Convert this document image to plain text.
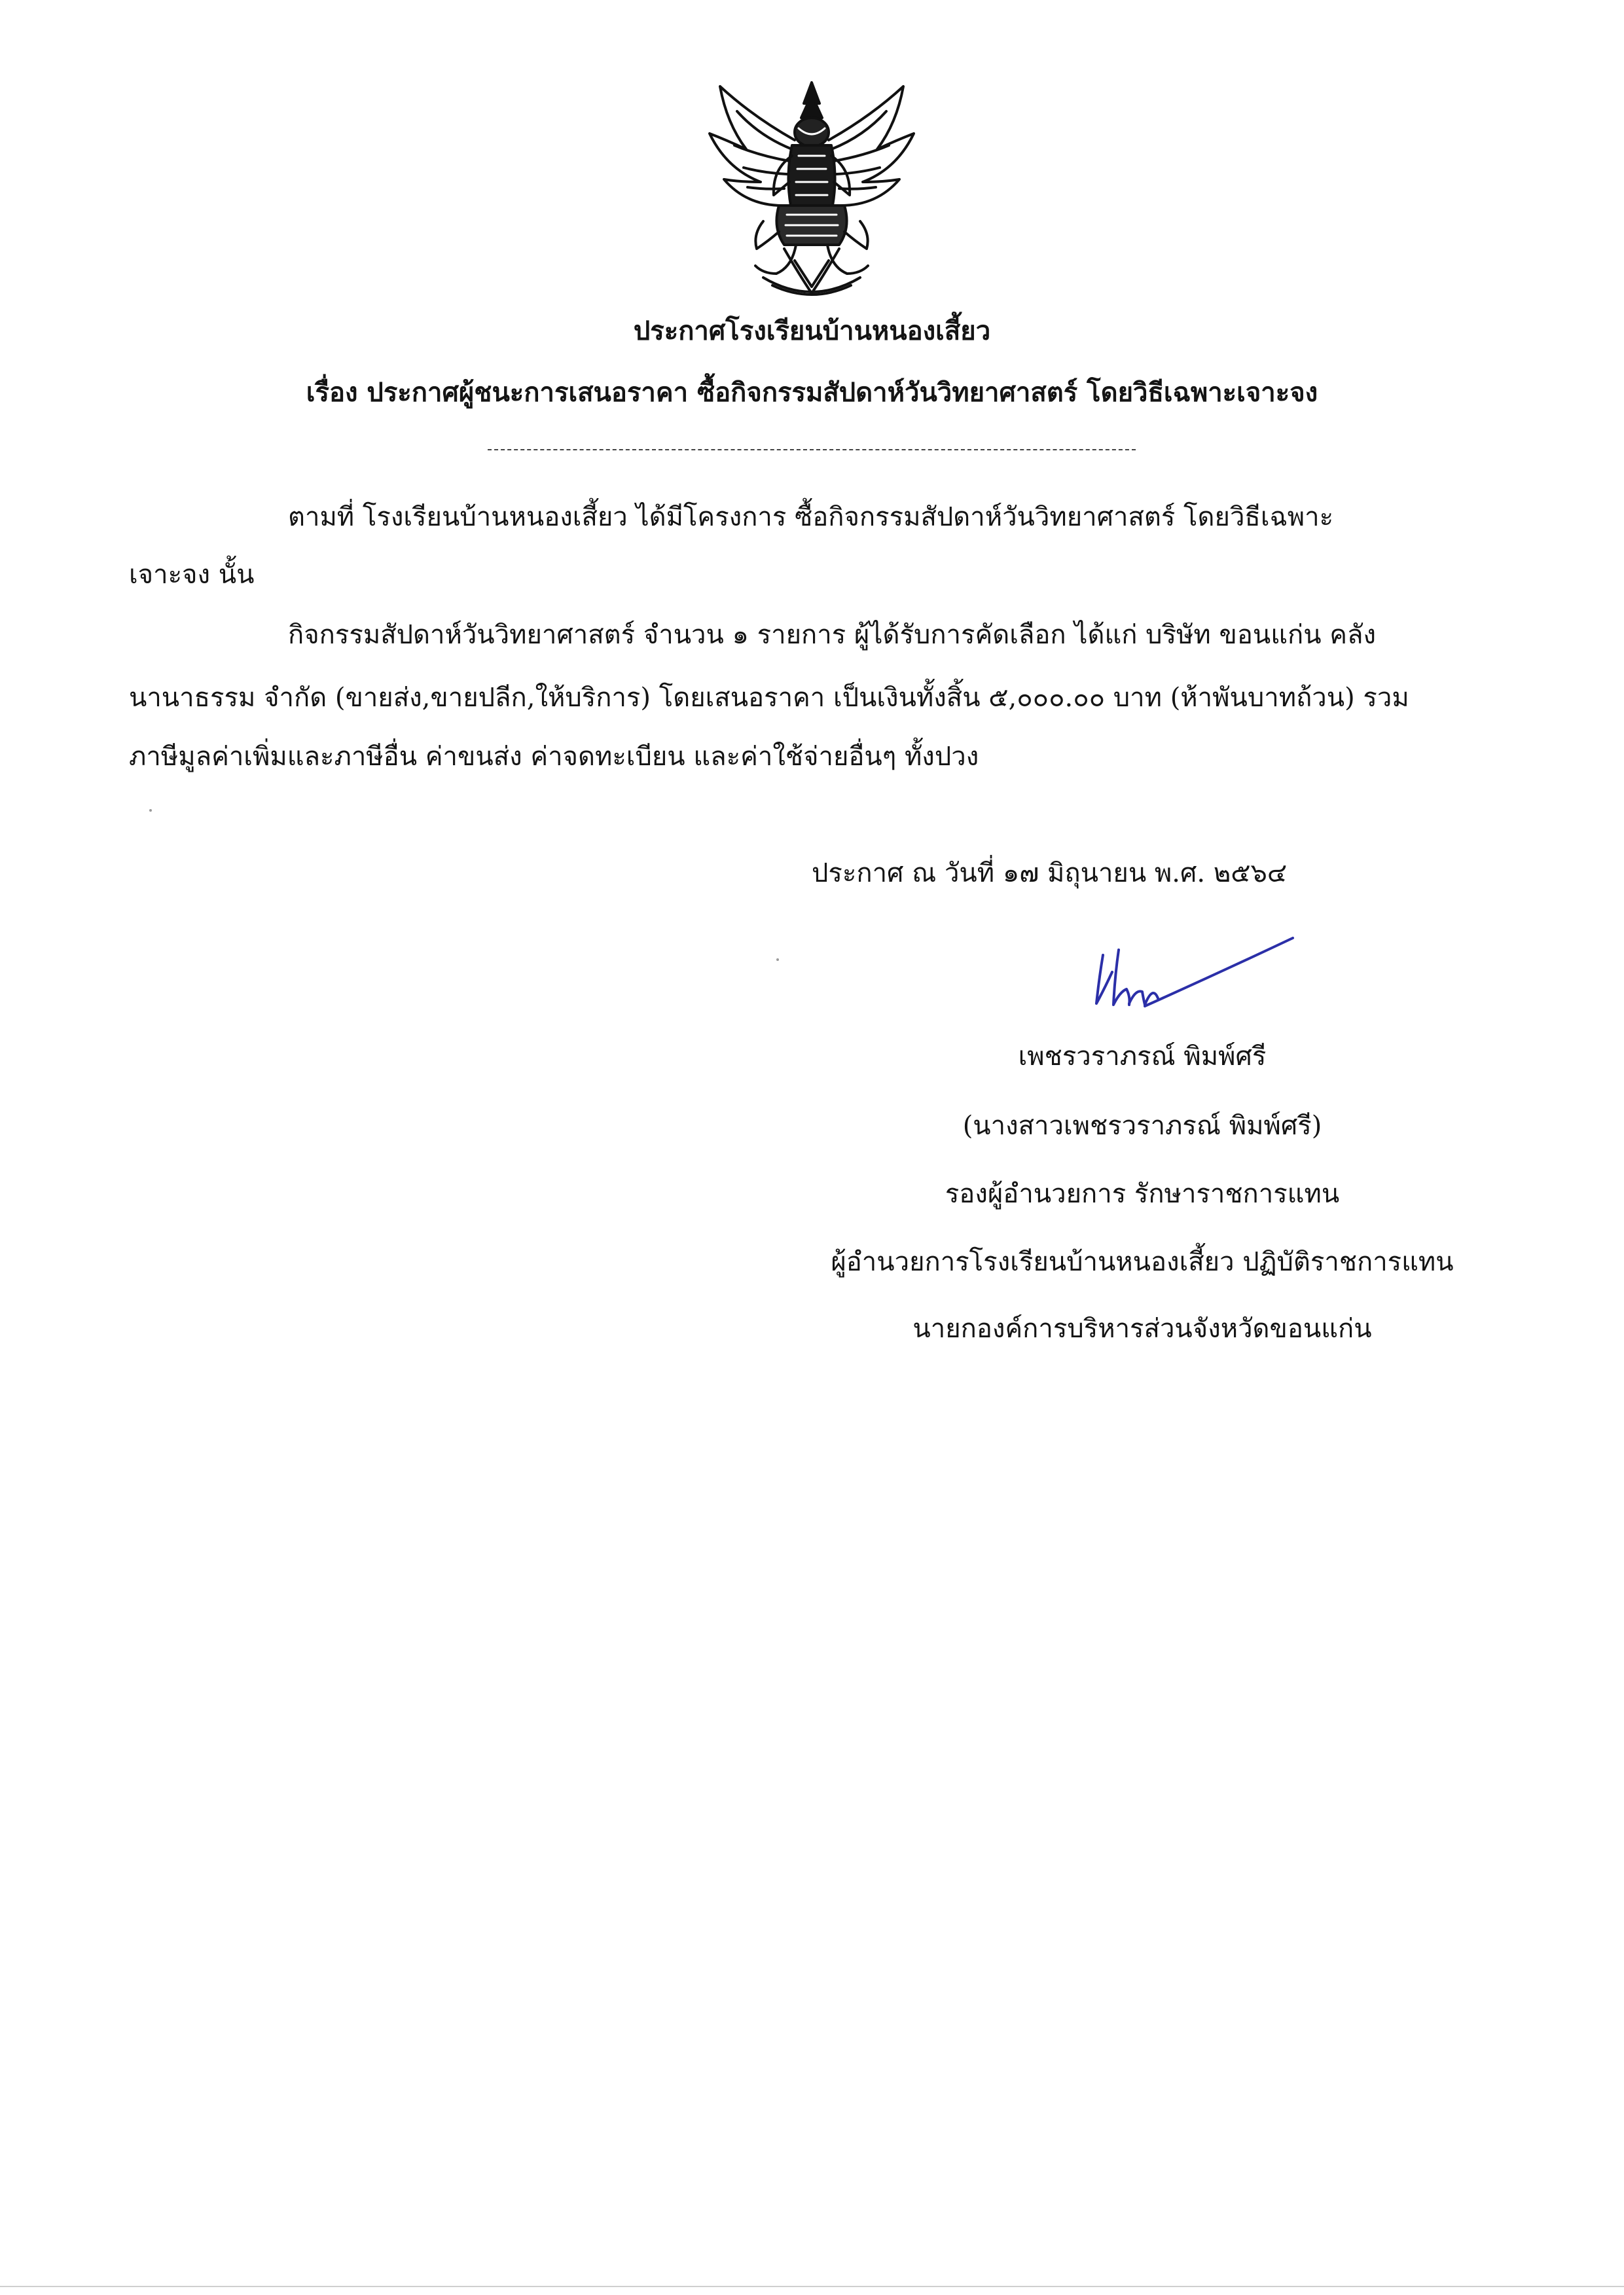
ประกาศโรงเรียนบ้านหนองเสี้ยว
เรื่อง ประกาศผู้ชนะการเสนอราคา ซื้อกิจกรรมสัปดาห์วันวิทยาศาสตร์ โดยวิธีเฉพาะเจาะจง
ตามที่ โรงเรียนบ้านหนองเสี้ยว ได้มีโครงการ ซื้อกิจกรรมสัปดาห์วันวิทยาศาสตร์ โดยวิธีเฉพาะ
เจาะจง นั้น
กิจกรรมสัปดาห์วันวิทยาศาสตร์ จำนวน ๑ รายการ ผู้ได้รับการคัดเลือก ได้แก่ บริษัท ขอนแก่น คลัง
นานาธรรม จำกัด (ขายส่ง,ขายปลีก,ให้บริการ) โดยเสนอราคา เป็นเงินทั้งสิ้น ๕,๐๐๐.๐๐ บาท (ห้าพันบาทถ้วน) รวม
ภาษีมูลค่าเพิ่มและภาษีอื่น ค่าขนส่ง ค่าจดทะเบียน และค่าใช้จ่ายอื่นๆ ทั้งปวง
ประกาศ ณ วันที่ ๑๗ มิถุนายน พ.ศ. ๒๕๖๔
เพชรวราภรณ์ พิมพ์ศรี
(นางสาวเพชรวราภรณ์ พิมพ์ศรี)
รองผู้อำนวยการ รักษาราชการแทน
ผู้อำนวยการโรงเรียนบ้านหนองเสี้ยว ปฏิบัติราชการแทน
นายกองค์การบริหารส่วนจังหวัดขอนแก่น
